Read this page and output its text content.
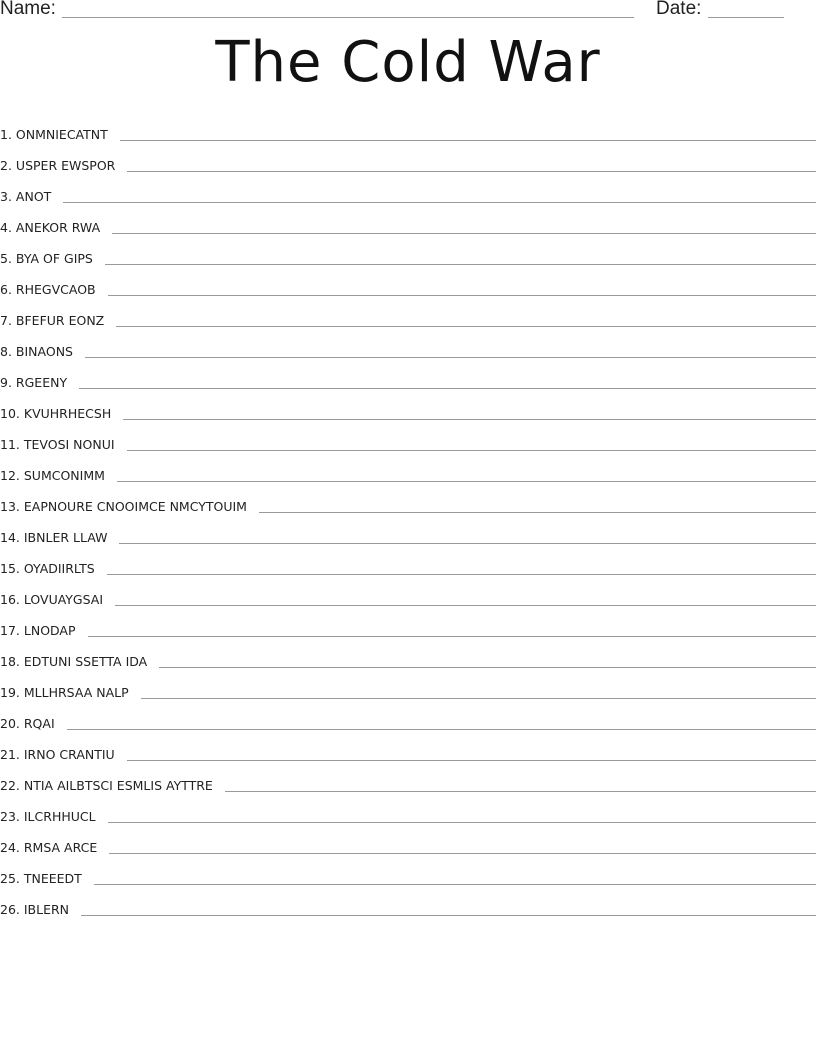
Name:	Date:
The Cold War
1. ONMNIECATNT
2. USPER EWSPOR
3. ANOT
4. ANEKOR RWA
5. BYA OF GIPS
6. RHEGVCAOB
7. BFEFUR EONZ
8. BINAONS
9. RGEENY
10. KVUHRHECSH
11. TEVOSI NONUI
12. SUMCONIMM
13. EAPNOURE CNOOIMCE NMCYTOUIM
14. IBNLER LLAW
15. OYADIIRLTS
16. LOVUAYGSAI
17. LNODAP
18. EDTUNI SSETTA IDA
19. MLLHRSAA NALP
20. RQAI
21. IRNO CRANTIU
22. NTIA AILBTSCI ESMLIS AYTTRE
23. ILCRHHUCL
24. RMSA ARCE
25. TNEEEDT
26. IBLERN
